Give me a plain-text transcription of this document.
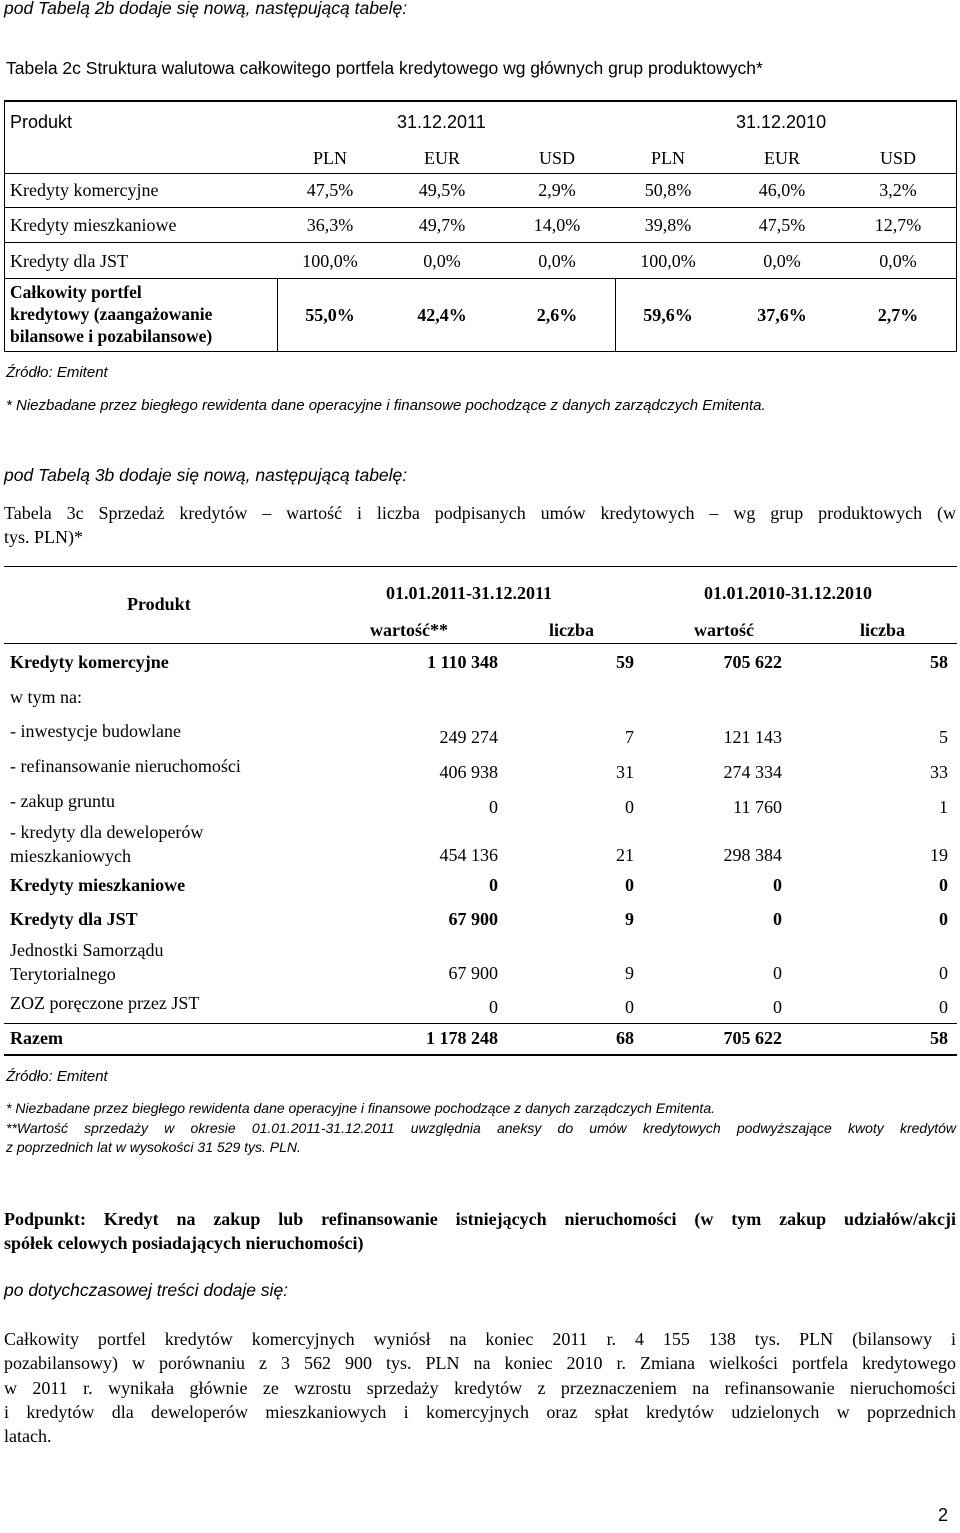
pod Tabelą 2b dodaje się nową, następującą tabelę:
Tabela 2c Struktura walutowa całkowitego portfela kredytowego wg głównych grup produktowych*
Produkt	31.12.2011	31.12.2010
PLN	EUR	USD	PLN	EUR	USD
Kredyty komercyjne	47,5%	49,5%	2,9%	50,8%	46,0%	3,2%
Kredyty mieszkaniowe	36,3%	49,7%	14,0%	39,8%	47,5%	12,7%
Kredyty dla JST	100,0%	0,0%	0,0%	100,0%	0,0%	0,0%
Całkowity portfel
kredytowy (zaangażowanie
bilansowe i pozabilansowe)
55,0%	42,4%	2,6%	59,6%	37,6%	2,7%
Źródło: Emitent
* Niezbadane przez biegłego rewidenta dane operacyjne i finansowe pochodzące z danych zarządczych Emitenta.
pod Tabelą 3b dodaje się nową, następującą tabelę:
Tabela 3c Sprzedaż kredytów – wartość i liczba podpisanych umów kredytowych – wg grup produktowych (w
tys. PLN)*
Produkt
01.01.2011-31.12.2011	01.01.2010-31.12.2010
wartość**	liczba	wartość	liczba
Kredyty komercyjne	1 110 348	59	705 622	58
w tym na:
- inwestycje budowlane	249 274	7	121 143	5
- refinansowanie nieruchomości	406 938	31	274 334	33
- zakup gruntu	0	0	11 760	1
- kredyty dla deweloperów
mieszkaniowych	454 136	21	298 384	19
Kredyty mieszkaniowe	0	0	0	0
Kredyty dla JST	67 900	9	0	0
Jednostki Samorządu
Terytorialnego	67 900	9	0	0
ZOZ poręczone przez JST	0	0	0	0
Razem	1 178 248	68	705 622	58
Źródło: Emitent
* Niezbadane przez biegłego rewidenta dane operacyjne i finansowe pochodzące z danych zarządczych Emitenta.
**Wartość sprzedaży w okresie 01.01.2011-31.12.2011 uwzględnia aneksy do umów kredytowych podwyższające kwoty kredytów
z poprzednich lat w wysokości 31 529 tys. PLN.
Podpunkt: Kredyt na zakup lub refinansowanie istniejących nieruchomości (w tym zakup udziałów/akcji
spółek celowych posiadających nieruchomości)
po dotychczasowej treści dodaje się:
Całkowity portfel kredytów komercyjnych wyniósł na koniec 2011 r. 4 155 138 tys. PLN (bilansowy i
pozabilansowy) w porównaniu z 3 562 900 tys. PLN na koniec 2010 r. Zmiana wielkości portfela kredytowego
w 2011 r. wynikała głównie ze wzrostu sprzedaży kredytów z przeznaczeniem na refinansowanie nieruchomości
i kredytów dla deweloperów mieszkaniowych i komercyjnych oraz spłat kredytów udzielonych w poprzednich
latach.
2
